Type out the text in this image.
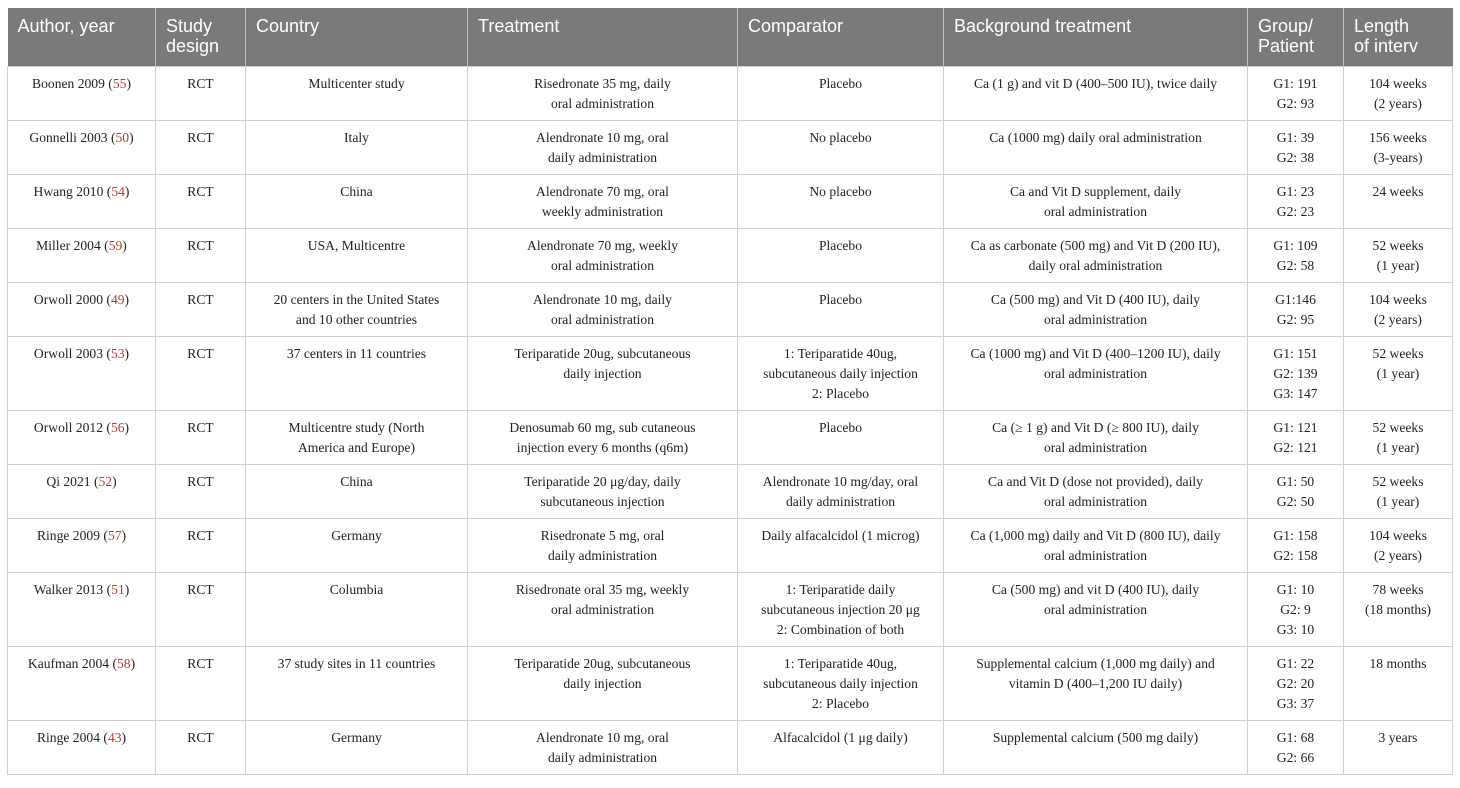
Author, year	Study
design	Country	Treatment	Comparator	Background treatment	Group/
Patient	Length
of interv

Boonen 2009 (55)	RCT	Multicenter study	Risedronate 35 mg, daily
oral administration	Placebo	Ca (1 g) and vit D (400–500 IU), twice daily	G1: 191
G2: 93	104 weeks
(2 years)

Gonnelli 2003 (50)	RCT	Italy	Alendronate 10 mg, oral
daily administration	No placebo	Ca (1000 mg) daily oral administration	G1: 39
G2: 38	156 weeks
(3-years)

Hwang 2010 (54)	RCT	China	Alendronate 70 mg, oral
weekly administration	No placebo	Ca and Vit D supplement, daily
oral administration	G1: 23
G2: 23	24 weeks

Miller 2004 (59)	RCT	USA, Multicentre	Alendronate 70 mg, weekly
oral administration	Placebo	Ca as carbonate (500 mg) and Vit D (200 IU),
daily oral administration	G1: 109
G2: 58	52 weeks
(1 year)

Orwoll 2000 (49)	RCT	20 centers in the United States
and 10 other countries	Alendronate 10 mg, daily
oral administration	Placebo	Ca (500 mg) and Vit D (400 IU), daily
oral administration	G1:146
G2: 95	104 weeks
(2 years)

Orwoll 2003 (53)	RCT	37 centers in 11 countries	Teriparatide 20ug, subcutaneous
daily injection	1: Teriparatide 40ug,
subcutaneous daily injection
2: Placebo	Ca (1000 mg) and Vit D (400–1200 IU), daily
oral administration	G1: 151
G2: 139
G3: 147	52 weeks
(1 year)

Orwoll 2012 (56)	RCT	Multicentre study (North
America and Europe)	Denosumab 60 mg, sub cutaneous
injection every 6 months (q6m)	Placebo	Ca (≥ 1 g) and Vit D (≥ 800 IU), daily
oral administration	G1: 121
G2: 121	52 weeks
(1 year)

Qi 2021 (52)	RCT	China	Teriparatide 20 μg/day, daily
subcutaneous injection	Alendronate 10 mg/day, oral
daily administration	Ca and Vit D (dose not provided), daily
oral administration	G1: 50
G2: 50	52 weeks
(1 year)

Ringe 2009 (57)	RCT	Germany	Risedronate 5 mg, oral
daily administration	Daily alfacalcidol (1 microg)	Ca (1,000 mg) daily and Vit D (800 IU), daily
oral administration	G1: 158
G2: 158	104 weeks
(2 years)

Walker 2013 (51)	RCT	Columbia	Risedronate oral 35 mg, weekly
oral administration	1: Teriparatide daily
subcutaneous injection 20 μg
2: Combination of both	Ca (500 mg) and vit D (400 IU), daily
oral administration	G1: 10
G2: 9
G3: 10	78 weeks
(18 months)

Kaufman 2004 (58)	RCT	37 study sites in 11 countries	Teriparatide 20ug, subcutaneous
daily injection	1: Teriparatide 40ug,
subcutaneous daily injection
2: Placebo	Supplemental calcium (1,000 mg daily) and
vitamin D (400–1,200 IU daily)	G1: 22
G2: 20
G3: 37	18 months

Ringe 2004 (43)	RCT	Germany	Alendronate 10 mg, oral
daily administration	Alfacalcidol (1 μg daily)	Supplemental calcium (500 mg daily)	G1: 68
G2: 66	3 years
